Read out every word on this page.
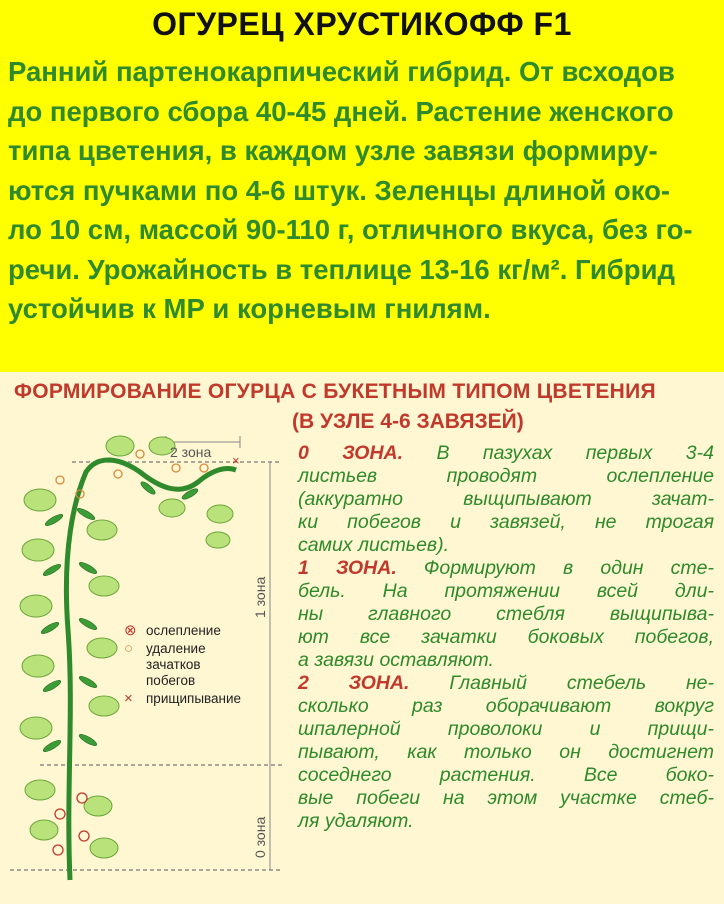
ОГУРЕЦ ХРУСТИКОФФ F1
Ранний партенокарпический гибрид. От всходов
до первого сбора 40-45 дней. Растение женского
типа цветения, в каждом узле завязи формиру-
ются пучками по 4-6 штук. Зеленцы длиной око-
ло 10 см, массой 90-110 г, отличного вкуса, без го-
речи. Урожайность в теплице 13-16 кг/м². Гибрид
устойчив к МР и корневым гнилям.
ФОРМИРОВАНИЕ ОГУРЦА С БУКЕТНЫМ ТИПОМ ЦВЕТЕНИЯ
(В УЗЛЕ 4-6 ЗАВЯЗЕЙ)
×
2 зона
1 зона
0 зона
⊗ ослепление
○ удаление
зачатков
побегов
× прищипывание
0 ЗОНА. В пазухах первых 3-4
листьев проводят ослепление
(аккуратно выщипывают зачат-
ки побегов и завязей, не трогая
самих листьев).
1 ЗОНА. Формируют в один сте-
бель. На протяжении всей дли-
ны главного стебля выщипыва-
ют все зачатки боковых побегов,
а завязи оставляют.
2 ЗОНА. Главный стебель не-
сколько раз оборачивают вокруг
шпалерной проволоки и прищи-
пывают, как только он достигнет
соседнего растения. Все боко-
вые побеги на этом участке стеб-
ля удаляют.
